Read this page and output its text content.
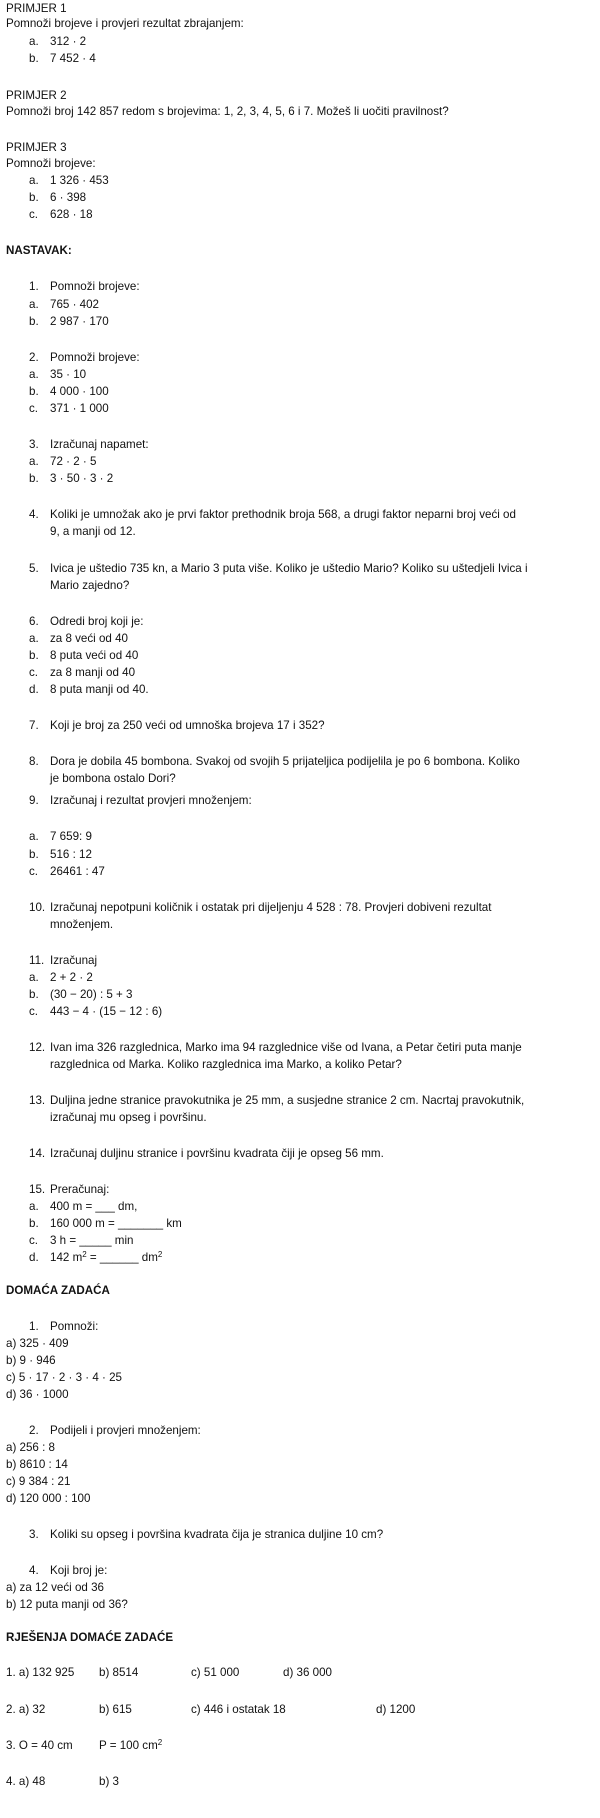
PRIMJER 1
Pomnoži brojeve i provjeri rezultat zbrajanjem:
a. 312 · 2
b. 7 452 · 4
PRIMJER 2
Pomnoži broj 142 857 redom s brojevima: 1, 2, 3, 4, 5, 6 i 7. Možeš li uočiti pravilnost?
PRIMJER 3
Pomnoži brojeve:
a. 1 326 · 453
b. 6 · 398
c. 628 · 18
NASTAVAK:
1. Pomnoži brojeve:
a. 765 · 402
b. 2 987 · 170
2. Pomnoži brojeve:
a. 35 · 10
b. 4 000 · 100
c. 371 · 1 000
3. Izračunaj napamet:
a. 72 · 2 · 5
b. 3 · 50 · 3 · 2
4. Koliki je umnožak ako je prvi faktor prethodnik broja 568, a drugi faktor neparni broj veći od
9, a manji od 12.
5. Ivica je uštedio 735 kn, a Mario 3 puta više. Koliko je uštedio Mario? Koliko su uštedjeli Ivica i
Mario zajedno?
6. Odredi broj koji je:
a. za 8 veći od 40
b. 8 puta veći od 40
c. za 8 manji od 40
d. 8 puta manji od 40.
7. Koji je broj za 250 veći od umnoška brojeva 17 i 352?
8. Dora je dobila 45 bombona. Svakoj od svojih 5 prijateljica podijelila je po 6 bombona. Koliko
je bombona ostalo Dori?
9. Izračunaj i rezultat provjeri množenjem:
a. 7 659: 9
b. 516 : 12
c. 26461 : 47
10. Izračunaj nepotpuni količnik i ostatak pri dijeljenju 4 528 : 78. Provjeri dobiveni rezultat
množenjem.
11. Izračunaj
a. 2 + 2 · 2
b. (30 − 20) : 5 + 3
c. 443 − 4 · (15 − 12 : 6)
12. Ivan ima 326 razglednica, Marko ima 94 razglednice više od Ivana, a Petar četiri puta manje
razglednica od Marka. Koliko razglednica ima Marko, a koliko Petar?
13. Duljina jedne stranice pravokutnika je 25 mm, a susjedne stranice 2 cm. Nacrtaj pravokutnik,
izračunaj mu opseg i površinu.
14. Izračunaj duljinu stranice i površinu kvadrata čiji je opseg 56 mm.
15. Preračunaj:
a. 400 m = ___ dm,
b. 160 000 m = _______ km
c. 3 h = _____ min
d. 142 $m^2$ = ______ $dm^2$
DOMAĆA ZADAĆA
1. Pomnoži:
a) 325 · 409
b) 9 · 946
c) 5 · 17 · 2 · 3 · 4 · 25
d) 36 · 1000
2. Podijeli i provjeri množenjem:
a) 256 : 8
b) 8610 : 14
c) 9 384 : 21
d) 120 000 : 100
3. Koliki su opseg i površina kvadrata čija je stranica duljine 10 cm?
4. Koji broj je:
a) za 12 veći od 36
b) 12 puta manji od 36?
RJEŠENJA DOMAĆE ZADAĆE
1. a) 132 925 b) 8514	c) 51 000	d) 36 000
2. a) 32	b) 615	c) 446 i ostatak 18	d) 1200
3. O = 40 cm P = 100 $cm^2$
4. a) 48	b) 3
